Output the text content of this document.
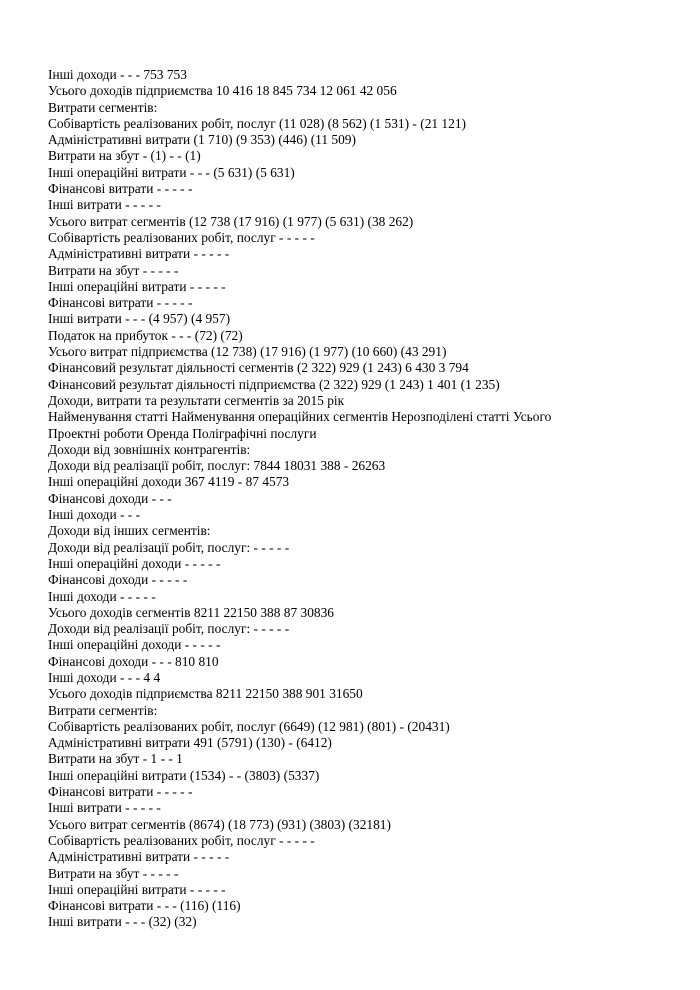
Інші доходи - - - 753 753
Усього доходів підприємства 10 416 18 845 734 12 061 42 056
Витрати сегментів:
Собівартість реалізованих робіт, послуг (11 028) (8 562) (1 531) - (21 121)
Адміністративні витрати (1 710) (9 353) (446) (11 509)
Витрати на збут - (1) - - (1)
Інші операційні витрати - - - (5 631) (5 631)
Фінансові витрати - - - - -
Інші витрати - - - - -
Усього витрат сегментів (12 738 (17 916) (1 977) (5 631) (38 262)
Собівартість реалізованих робіт, послуг - - - - -
Адміністративні витрати - - - - -
Витрати на збут - - - - -
Інші операційні витрати - - - - -
Фінансові витрати - - - - -
Інші витрати - - - (4 957) (4 957)
Податок на прибуток - - - (72) (72)
Усього витрат підприємства (12 738) (17 916) (1 977) (10 660) (43 291)
Фінансовий результат діяльності сегментів (2 322) 929 (1 243) 6 430 3 794
Фінансовий результат діяльності підприємства (2 322) 929 (1 243) 1 401 (1 235)
Доходи, витрати та результати сегментів за 2015 рік
Найменування статті Найменування операційних сегментів Нерозподілені статті Усього
Проектні роботи Оренда Поліграфічні послуги
Доходи від зовнішніх контрагентів:
Доходи від реалізації робіт, послуг: 7844 18031 388 - 26263
Інші операційні доходи 367 4119 - 87 4573
Фінансові доходи - - -
Інші доходи - - -
Доходи від інших сегментів:
Доходи від реалізації робіт, послуг: - - - - -
Інші операційні доходи - - - - -
Фінансові доходи - - - - -
Інші доходи - - - - -
Усього доходів сегментів 8211 22150 388 87 30836
Доходи від реалізації робіт, послуг: - - - - -
Інші операційні доходи - - - - -
Фінансові доходи - - - 810 810
Інші доходи - - - 4 4
Усього доходів підприємства 8211 22150 388 901 31650
Витрати сегментів:
Собівартість реалізованих робіт, послуг (6649) (12 981) (801) - (20431)
Адміністративні витрати 491 (5791) (130) - (6412)
Витрати на збут - 1 - - 1
Інші операційні витрати (1534) - - (3803) (5337)
Фінансові витрати - - - - -
Інші витрати - - - - -
Усього витрат сегментів (8674) (18 773) (931) (3803) (32181)
Собівартість реалізованих робіт, послуг - - - - -
Адміністративні витрати - - - - -
Витрати на збут - - - - -
Інші операційні витрати - - - - -
Фінансові витрати - - - (116) (116)
Інші витрати - - - (32) (32)
